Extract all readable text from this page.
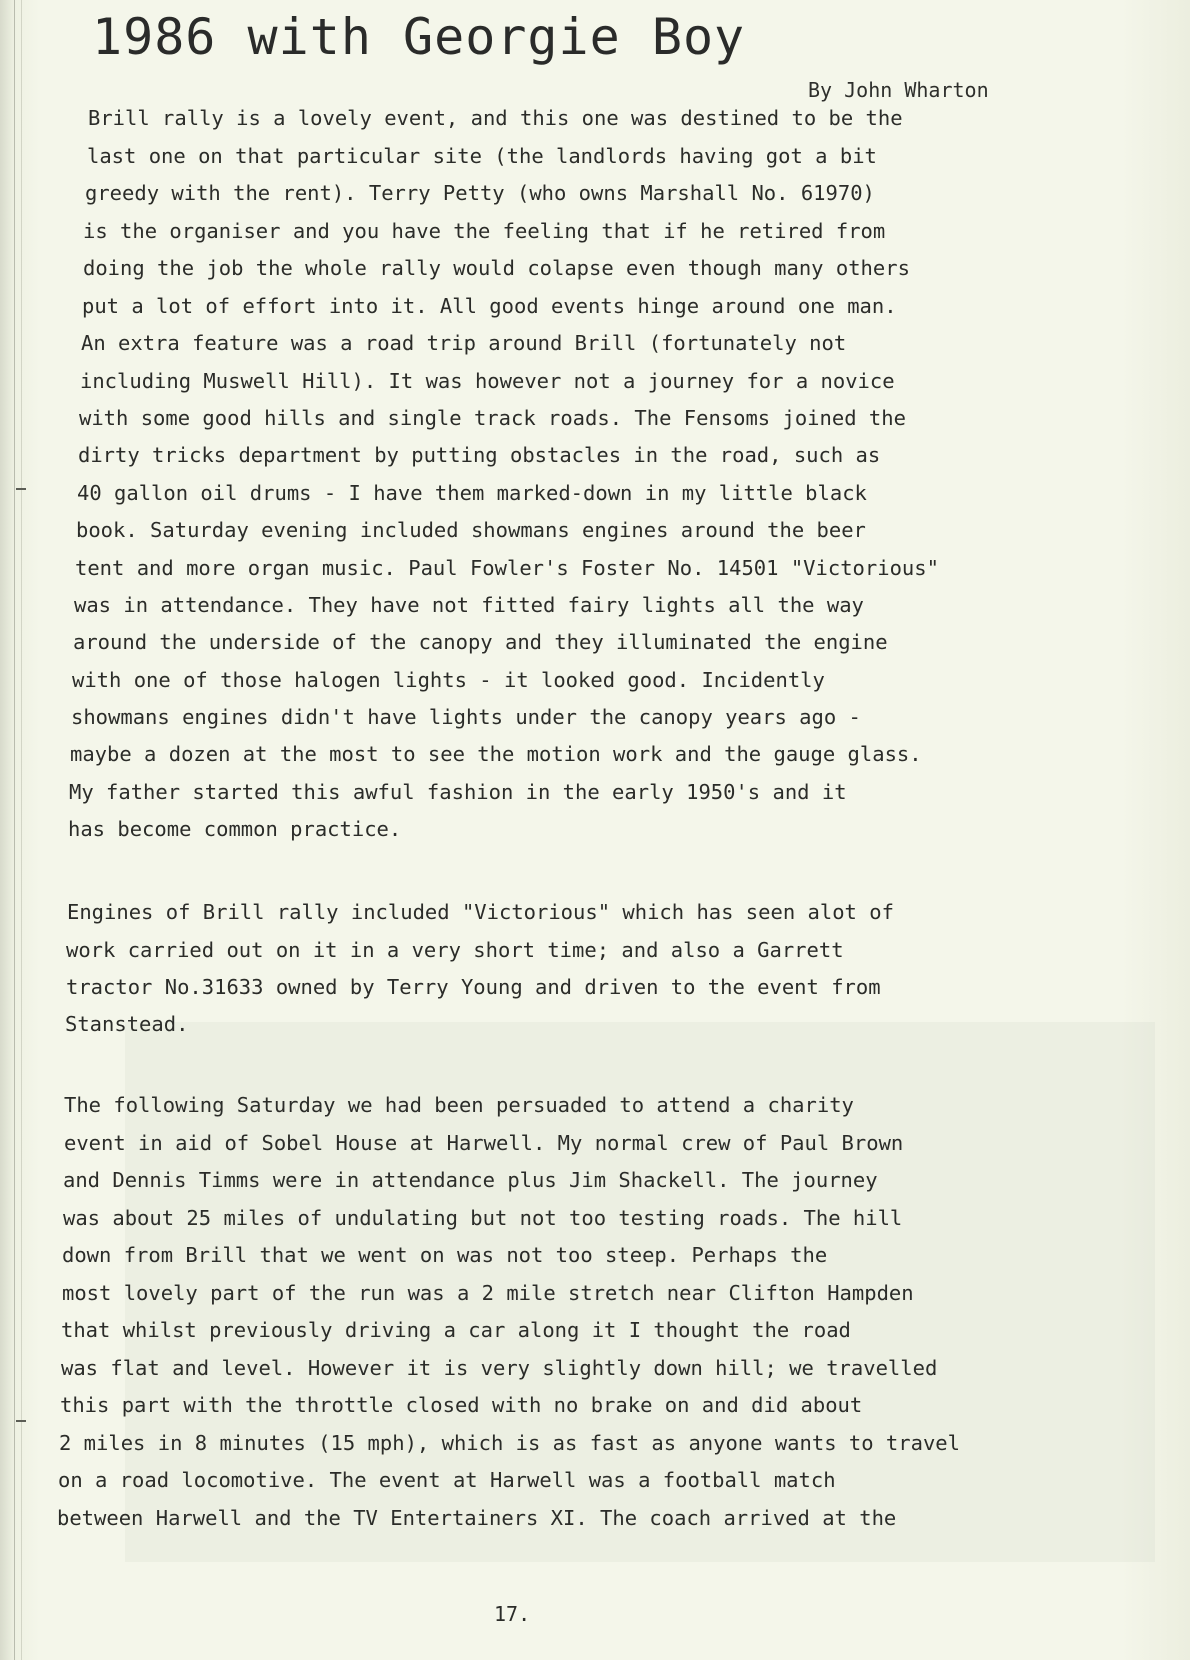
1986 with Georgie Boy
By John Wharton

Brill rally is a lovely event, and this one was destined to be the

last one on that particular site (the landlords having got a bit

greedy with the rent). Terry Petty (who owns Marshall No. 61970)

is the organiser and you have the feeling that if he retired from

doing the job the whole rally would colapse even though many others

put a lot of effort into it. All good events hinge around one man.

An extra feature was a road trip around Brill (fortunately not

including Muswell Hill). It was however not a journey for a novice

with some good hills and single track roads. The Fensoms joined the

dirty tricks department by putting obstacles in the road, such as

40 gallon oil drums - I have them marked-down in my little black

book. Saturday evening included showmans engines around the beer

tent and more organ music. Paul Fowler's Foster No. 14501 "Victorious"

was in attendance. They have not fitted fairy lights all the way

around the underside of the canopy and they illuminated the engine

with one of those halogen lights - it looked good. Incidently

showmans engines didn't have lights under the canopy years ago -

maybe a dozen at the most to see the motion work and the gauge glass.

My father started this awful fashion in the early 1950's and it

has become common practice.

Engines of Brill rally included "Victorious" which has seen alot of

work carried out on it in a very short time; and also a Garrett

tractor No.31633 owned by Terry Young and driven to the event from

Stanstead.

The following Saturday we had been persuaded to attend a charity

event in aid of Sobel House at Harwell. My normal crew of Paul Brown

and Dennis Timms were in attendance plus Jim Shackell. The journey

was about 25 miles of undulating but not too testing roads. The hill

down from Brill that we went on was not too steep. Perhaps the

most lovely part of the run was a 2 mile stretch near Clifton Hampden

that whilst previously driving a car along it I thought the road

was flat and level. However it is very slightly down hill; we travelled

this part with the throttle closed with no brake on and did about

2 miles in 8 minutes (15 mph), which is as fast as anyone wants to travel

on a road locomotive. The event at Harwell was a football match

between Harwell and the TV Entertainers XI. The coach arrived at the

17.
